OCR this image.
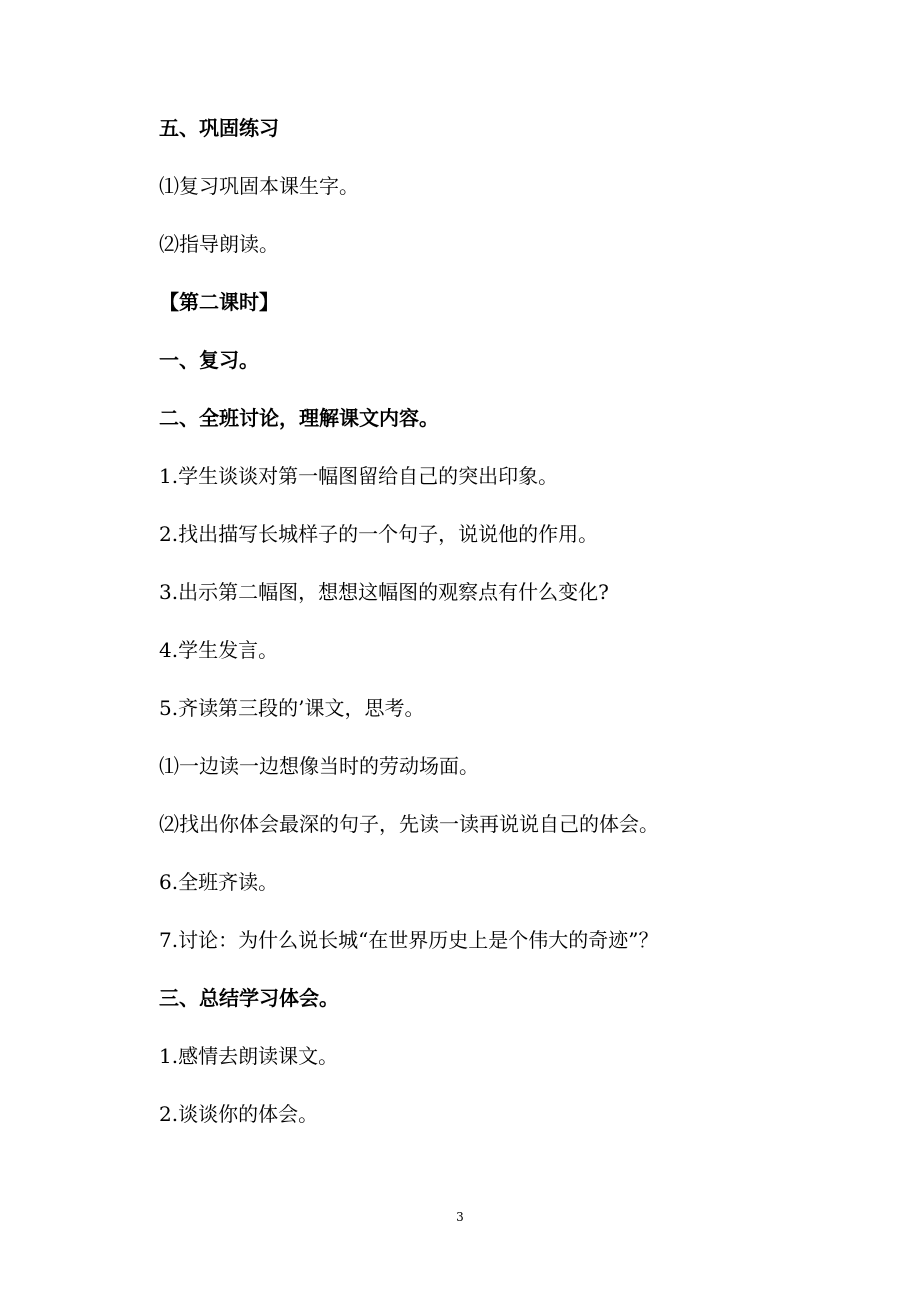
五、巩固练习
⑴复习巩固本课生字。
⑵指导朗读。
【第二课时】
一、复习。
二、全班讨论，理解课文内容。
1.学生谈谈对第一幅图留给自己的突出印象。
2.找出描写长城样子的一个句子，说说他的作用。
3.出示第二幅图，想想这幅图的观察点有什么变化?
4.学生发言。
5.齐读第三段的’课文，思考。
⑴一边读一边想像当时的劳动场面。
⑵找出你体会最深的句子，先读一读再说说自己的体会。
6.全班齐读。
7.讨论：为什么说长城“在世界历史上是个伟大的奇迹”？
三、总结学习体会。
1.感情去朗读课文。
2.谈谈你的体会。
3
